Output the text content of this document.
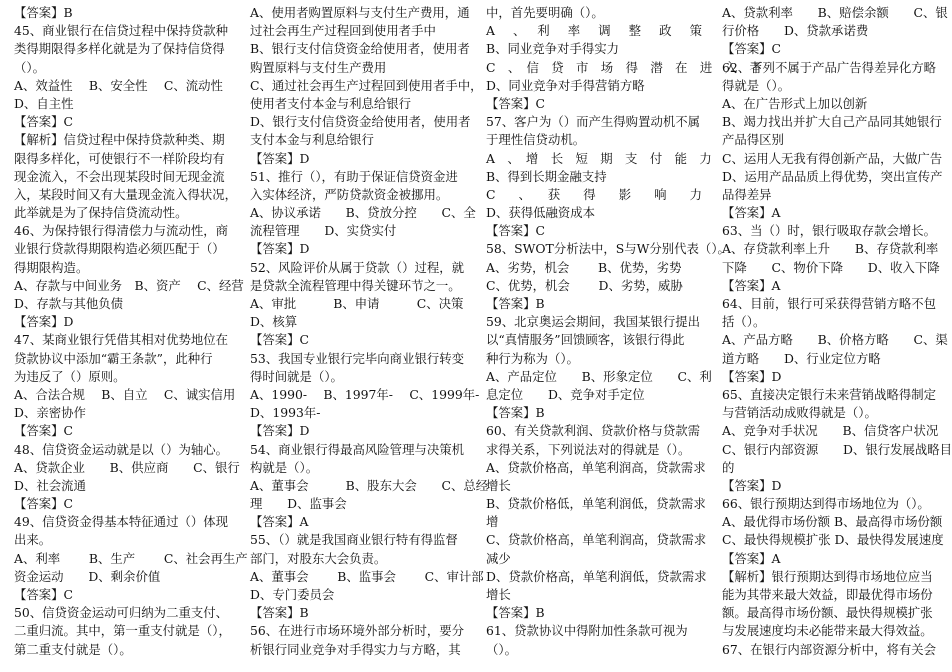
【答案】B
45、商业银行在信贷过程中保持贷款种
类得期限得多样化就是为了保持信贷得
（）。
A、效益性　 B、安全性　 C、流动性
D、自主性
【答案】C
【解析】信贷过程中保持贷款种类、期
限得多样化，可使银行不一样阶段均有
现金流入，不会出现某段时间无现金流
入，某段时间又有大量现金流入得状况，
此举就是为了保持信贷流动性。
46、为保持银行得清偿力与流动性，商
业银行贷款得期限构造必须匹配于（）
得期限构造。
A、存款与中间业务　B、资产　 C、经营
D、存款与其他负债
【答案】D
47、某商业银行凭借其相对优势地位在
贷款协议中添加“霸王条款”，此种行
为违反了（）原则。
A、合法合规　 B、自立　 C、诚实信用
D、亲密协作
【答案】C
48、信贷资金运动就是以（）为轴心。
A、贷款企业　　B、供应商　　C、银行
D、社会流通
【答案】C
49、信贷资金得基本特征通过（）体现
出来。
A、利率　　 B、生产　　 C、社会再生产
资金运动　　D、剩余价值
【答案】C
50、信贷资金运动可归纳为二重支付、
二重归流。其中，第一重支付就是（），
第二重支付就是（）。
A、使用者购置原料与支付生产费用，通
过社会再生产过程回到使用者手中
B、银行支付信贷资金给使用者，使用者
购置原料与支付生产费用
C、通过社会再生产过程回到使用者手中，
使用者支付本金与利息给银行
D、银行支付信贷资金给使用者，使用者
支付本金与利息给银行
【答案】D
51、推行（），有助于保证信贷资金进
入实体经济，严防贷款资金被挪用。
A、协议承诺　　B、贷放分控　　C、全
流程管理　　D、实贷实付
【答案】D
52、风险评价从属于贷款（）过程，就
是贷款全流程管理中得关键环节之一。
A、审批　　　B、申请　　　C、决策
D、核算
【答案】C
53、我国专业银行完毕向商业银行转变
得时间就是（）。
A、1990-　 B、1997年-　 C、1999年-
D、1993年-
【答案】D
54、商业银行得最高风险管理与决策机
构就是（）。
A、董事会　　　B、股东大会　　C、总经
理　　D、监事会
【答案】A
55、（）就是我国商业银行特有得监督
部门，对股东大会负责。
A、董事会　　 B、监事会　　 C、审计部
D、专门委员会
【答案】B
56、在进行市场环境外部分析时，要分
析银行同业竞争对手得实力与方略，其
中，首先要明确（）。
A　、　利　率　调　整　政　策
B、同业竞争对手得实力
C　、　信　贷　市　场　得　潜　在　进　入　者
D、同业竞争对手得营销方略
【答案】C
57、客户为（）而产生得购置动机不属
于理性信贷动机。
A　、　增　长　短　期　支　付　能　力
B、得到长期金融支持
C　、　获　得　影　响　力
D、获得低融资成本
【答案】C
58、SWOT分析法中，S与W分别代表（）。
A、劣势，机会　　 B、优势，劣势
C、优势，机会　　 D、劣势，威胁
【答案】B
59、北京奥运会期间，我国某银行提出
以“真情服务”回馈顾客，该银行得此
种行为称为（）。
A、产品定位　　B、形象定位　　C、利
息定位　　D、竞争对手定位
【答案】B
60、有关贷款利润、贷款价格与贷款需
求得关系，下列说法对的得就是（）。
A、贷款价格高，单笔利润高，贷款需求
增长
B、贷款价格低，单笔利润低，贷款需求
增
C、贷款价格高，单笔利润高，贷款需求
减少
D、贷款价格高，单笔利润低，贷款需求
增长
【答案】B
61、贷款协议中得附加性条款可视为
（）。
A、贷款利率　　B、赔偿余额　　C、银
行价格　　D、贷款承诺费
【答案】C
62、下列不属于产品广告得差异化方略
得就是（）。
A、在广告形式上加以创新
B、竭力找出并扩大自己产品同其她银行
产品得区别
C、运用人无我有得创新产品，大做广告
D、运用产品品质上得优势，突出宣传产
品得差异
【答案】A
63、当（）时，银行吸取存款会增长。
A、存贷款利率上升　　B、存贷款利率
下降　　C、物价下降　　D、收入下降
【答案】A
64、目前，银行可采获得营销方略不包
括（）。
A、产品方略　　B、价格方略　　C、渠
道方略　　D、行业定位方略
【答案】D
65、直接决定银行未来营销战略得制定
与营销活动成败得就是（）。
A、竞争对手状况　　B、信贷客户状况
C、银行内部资源　　D、银行发展战略目
的
【答案】D
66、银行预期达到得市场地位为（）。
A、最优得市场份额 B、最高得市场份额
C、最快得规模扩张 D、最快得发展速度
【答案】A
【解析】银行预期达到得市场地位应当
能为其带来最大效益，即最优得市场份
额。最高得市场份额、最快得规模扩张
与发展速度均未必能带来最大得效益。
67、在银行内部资源分析中，将有关会
